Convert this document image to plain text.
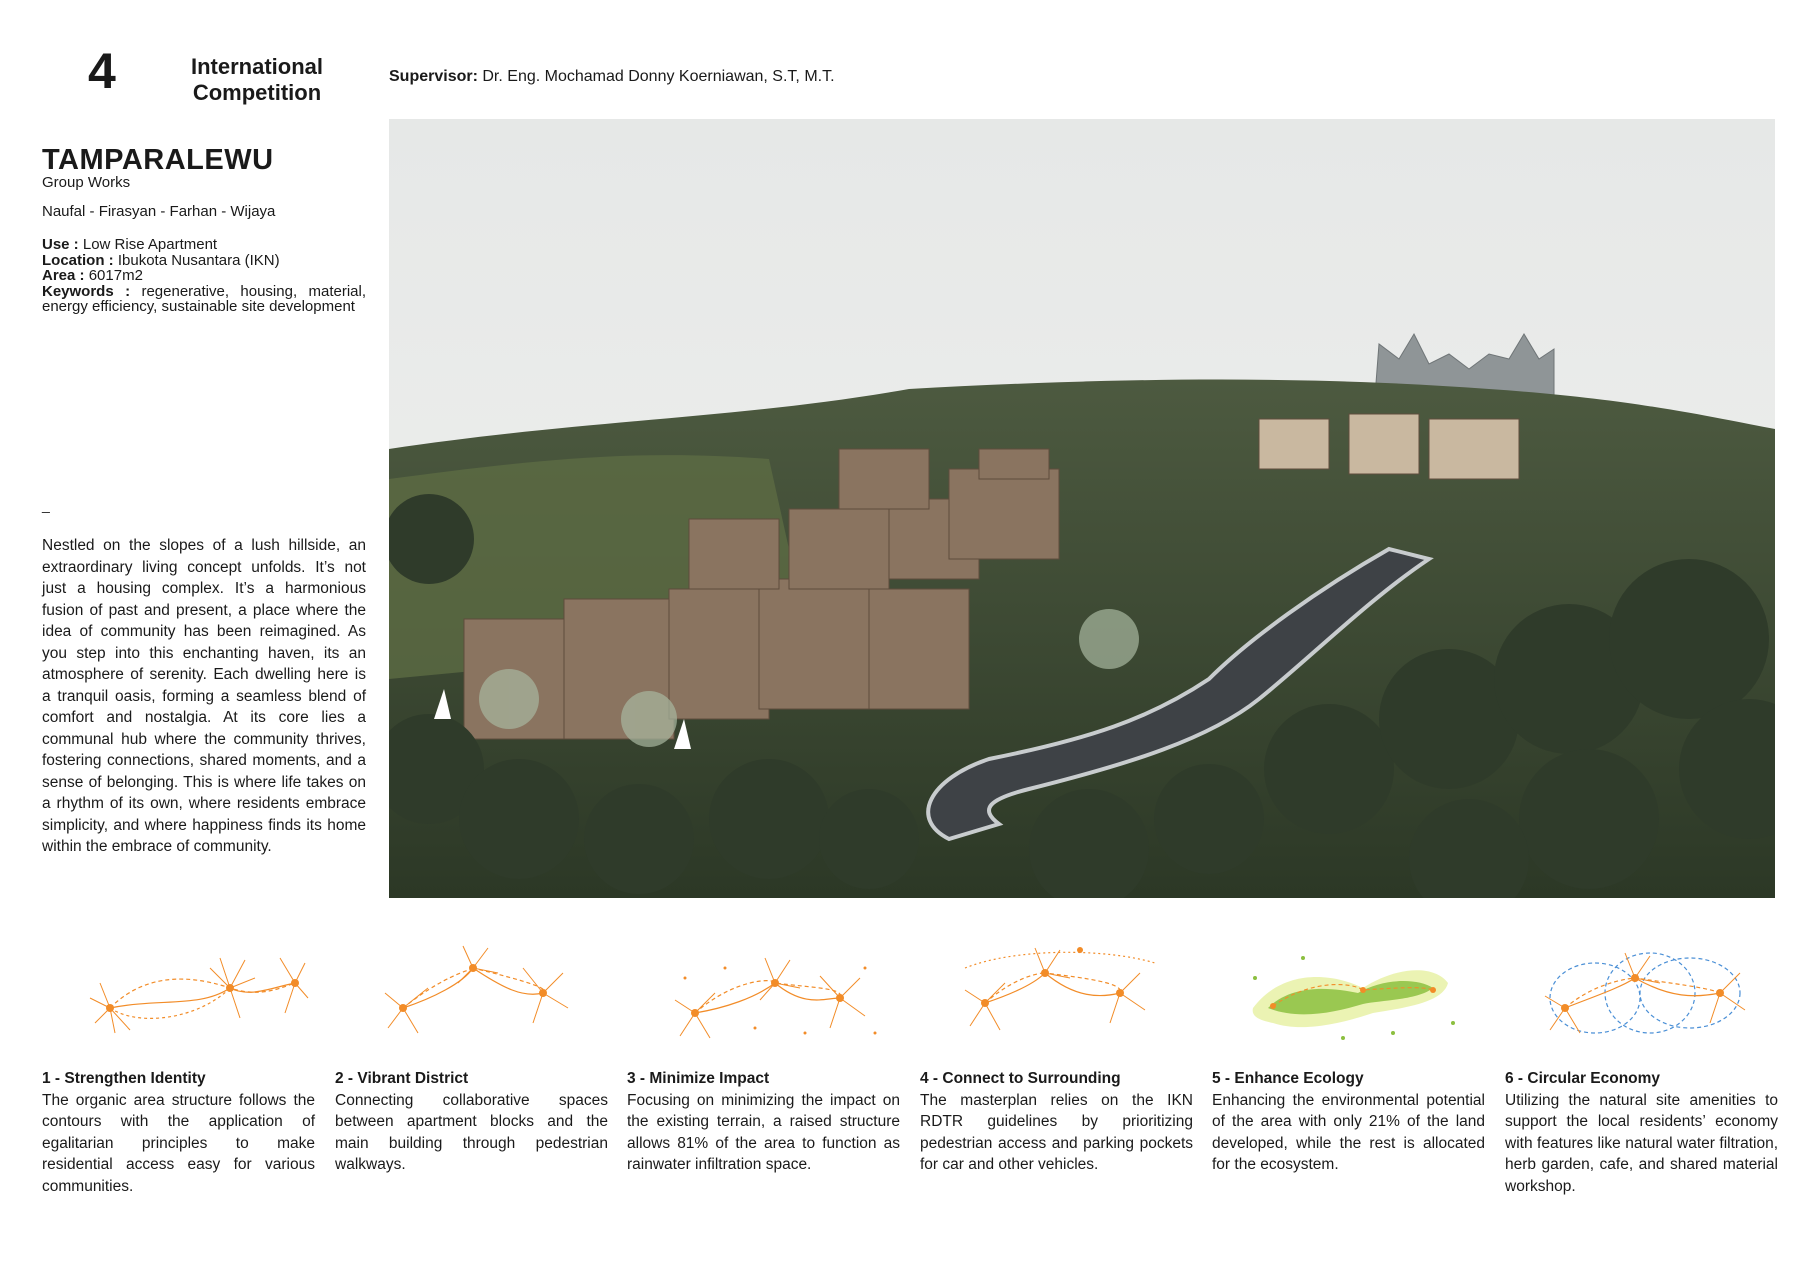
4	International Competition
Supervisor: Dr. Eng. Mochamad Donny Koerniawan, S.T, M.T.
TAMPARALEWU
Group Works
Naufal - Firasyan - Farhan - Wijaya
Use : Low Rise Apartment
Location : Ibukota Nusantara (IKN)
Area : 6017m2
Keywords : regenerative, housing, material, energy efficiency, sustainable site development
_
Nestled on the slopes of a lush hillside, an extraordinary living concept unfolds. It’s not just a housing complex. It’s a harmonious fusion of past and present, a place where the idea of community has been reimagined. As you step into this enchanting haven, its an atmosphere of serenity. Each dwelling here is a tranquil oasis, forming a seamless blend of comfort and nostalgia. At its core lies a communal hub where the community thrives, fostering connections, shared moments, and a sense of belonging. This is where life takes on a rhythm of its own, where residents embrace simplicity, and where happiness finds its home within the embrace of community.
1 - Strengthen Identity
The organic area structure follows the contours with the application of egalitarian principles to make residential access easy for various communities.
2 - Vibrant District
Connecting collaborative spaces between apartment blocks and the main building through pedestrian walkways.
3 - Minimize Impact
Focusing on minimizing the impact on the existing terrain, a raised structure allows 81% of the area to function as rainwater infiltration space.
4 - Connect to Surrounding
The masterplan relies on the IKN RDTR guidelines by prioritizing pedestrian access and parking pockets for car and other vehicles.
5 - Enhance Ecology
Enhancing the environmental potential of the area with only 21% of the land developed, while the rest is allocated for the ecosystem.
6 - Circular Economy
Utilizing the natural site amenities to support the local residents’ economy with features like natural water filtration, herb garden, cafe, and shared material workshop.
